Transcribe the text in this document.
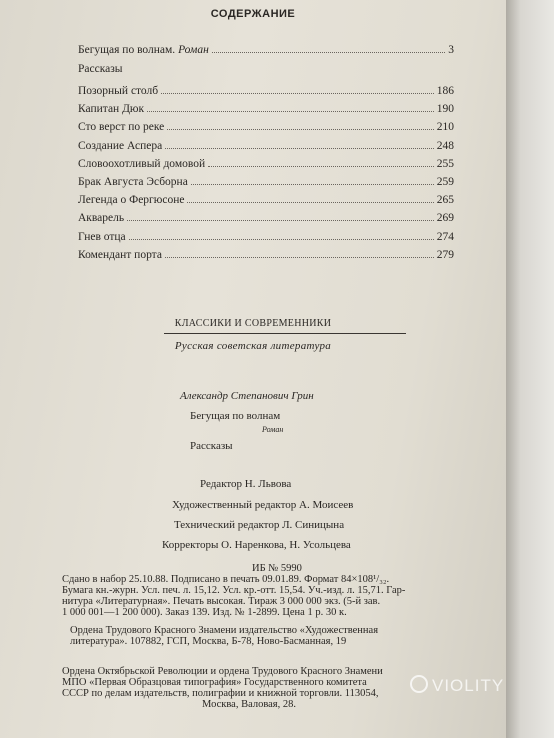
СОДЕРЖАНИЕ
Бегущая по волнам. Роман	3
Рассказы
Позорный столб	186
Капитан Дюк	190
Сто верст по реке	210
Создание Аспера	248
Словоохотливый домовой	255
Брак Августа Эсборна	259
Легенда о Фергюсоне	265
Акварель	269
Гнев отца	274
Комендант порта	279
КЛАССИКИ И СОВРЕМЕННИКИ
Русская советская литература
Александр Степанович Грин
Бегущая по волнам
Роман
Рассказы
Редактор Н. Львова
Художественный редактор А. Моисеев
Технический редактор Л. Синицына
Корректоры О. Наренкова, Н. Усольцева
ИБ № 5990
Сдано в набор 25.10.88. Подписано в печать 09.01.89. Формат 84×108¹/₃₂.
Бумага кн.-журн. Усл. печ. л. 15,12. Усл. кр.-отт. 15,54. Уч.-изд. л. 15,71. Гар-
нитура «Литературная». Печать высокая. Тираж 3 000 000 экз. (5-й зав.
1 000 001—1 200 000). Заказ 139. Изд. № 1-2899. Цена 1 р. 30 к.
Ордена Трудового Красного Знамени издательство «Художественная
литература». 107882, ГСП, Москва, Б-78, Ново-Басманная, 19
Ордена Октябрьской Революции и ордена Трудового Красного Знамени
МПО «Первая Образцовая типография» Государственного комитета
СССР по делам издательств, полиграфии и книжной торговли. 113054,
Москва, Валовая, 28.
VIOLITY
